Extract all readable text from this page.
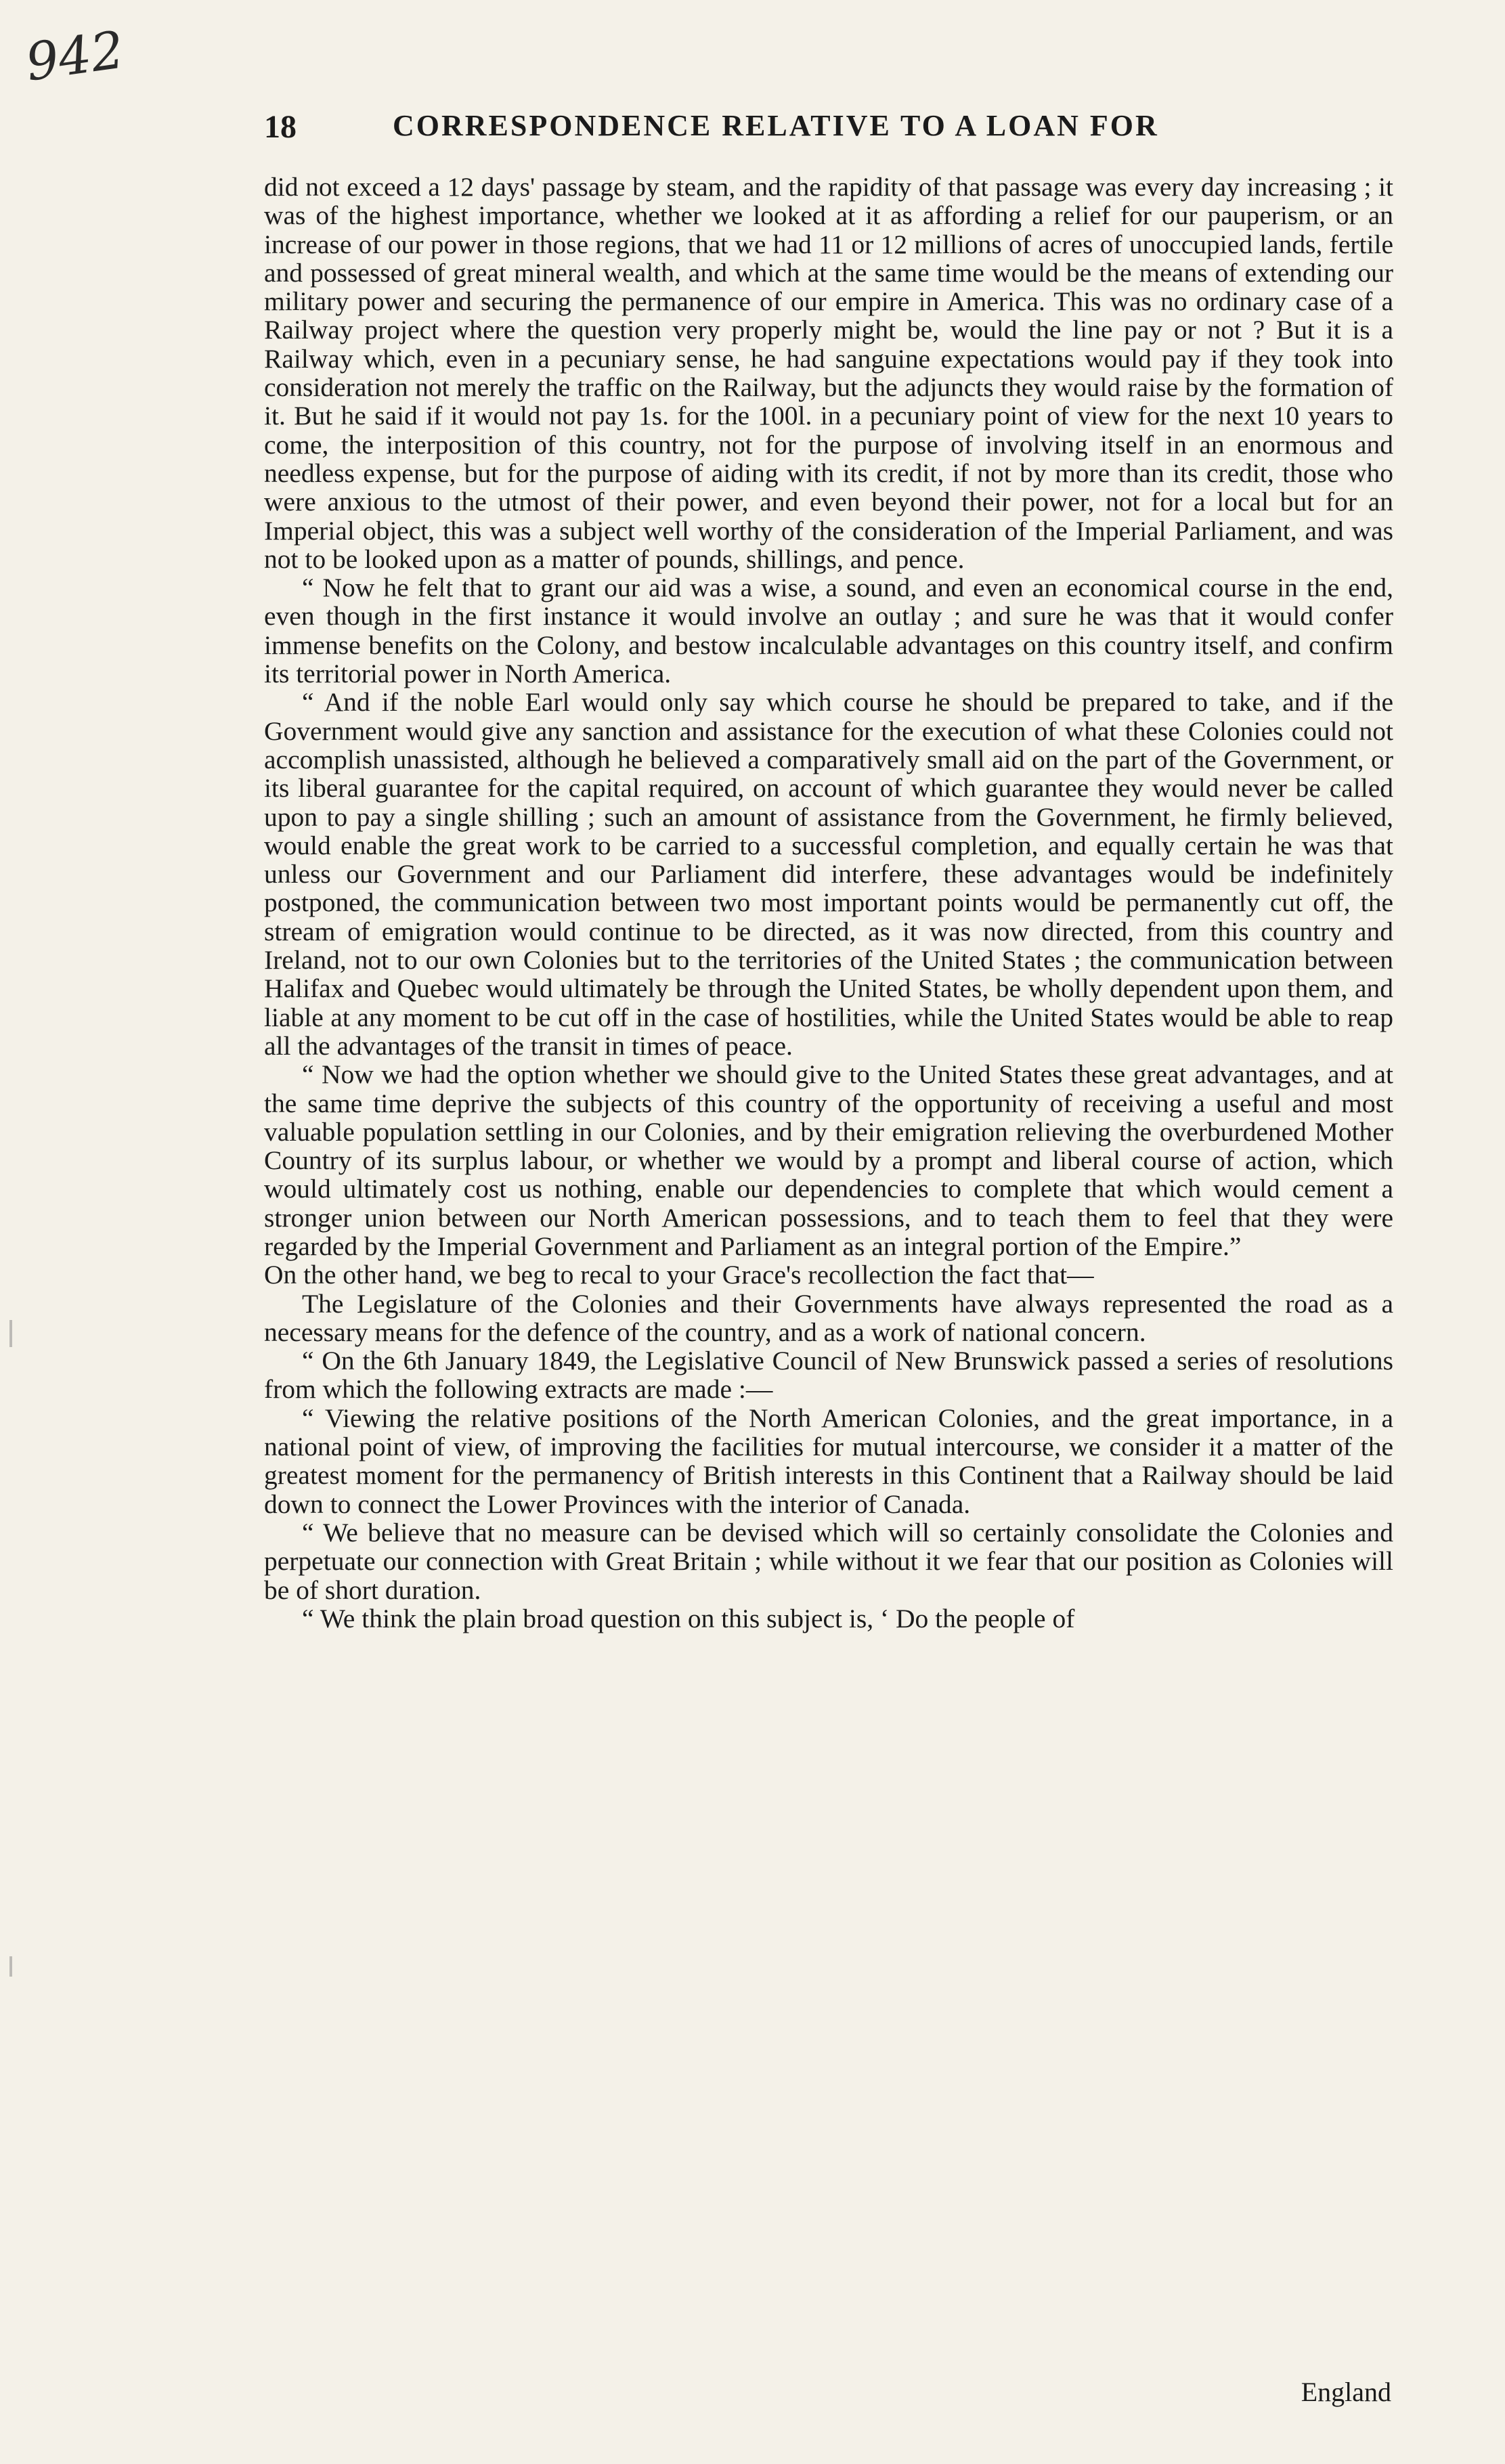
942
18	CORRESPONDENCE RELATIVE TO A LOAN FOR

did not exceed a 12 days' passage by steam, and the rapidity of that passage was every day increasing ; it was of the highest importance, whether we looked at it as affording a relief for our pauperism, or an increase of our power in those regions, that we had 11 or 12 millions of acres of unoccupied lands, fertile and possessed of great mineral wealth, and which at the same time would be the means of extending our military power and securing the permanence of our empire in America. This was no ordinary case of a Railway project where the question very properly might be, would the line pay or not ? But it is a Railway which, even in a pecuniary sense, he had sanguine expectations would pay if they took into consideration not merely the traffic on the Railway, but the adjuncts they would raise by the formation of it. But he said if it would not pay 1s. for the 100l. in a pecuniary point of view for the next 10 years to come, the interposition of this country, not for the purpose of involving itself in an enormous and needless expense, but for the purpose of aiding with its credit, if not by more than its credit, those who were anxious to the utmost of their power, and even beyond their power, not for a local but for an Imperial object, this was a subject well worthy of the consideration of the Imperial Parliament, and was not to be looked upon as a matter of pounds, shillings, and pence.

“ Now he felt that to grant our aid was a wise, a sound, and even an economical course in the end, even though in the first instance it would involve an outlay ; and sure he was that it would confer immense benefits on the Colony, and bestow incalculable advantages on this country itself, and confirm its territorial power in North America.

“ And if the noble Earl would only say which course he should be prepared to take, and if the Government would give any sanction and assistance for the execution of what these Colonies could not accomplish unassisted, although he believed a comparatively small aid on the part of the Government, or its liberal guarantee for the capital required, on account of which guarantee they would never be called upon to pay a single shilling ; such an amount of assistance from the Government, he firmly believed, would enable the great work to be carried to a successful completion, and equally certain he was that unless our Government and our Parliament did interfere, these advantages would be indefinitely postponed, the communication between two most important points would be permanently cut off, the stream of emigration would continue to be directed, as it was now directed, from this country and Ireland, not to our own Colonies but to the territories of the United States ; the communication between Halifax and Quebec would ultimately be through the United States, be wholly dependent upon them, and liable at any moment to be cut off in the case of hostilities, while the United States would be able to reap all the advantages of the transit in times of peace.

“ Now we had the option whether we should give to the United States these great advantages, and at the same time deprive the subjects of this country of the opportunity of receiving a useful and most valuable population settling in our Colonies, and by their emigration relieving the overburdened Mother Country of its surplus labour, or whether we would by a prompt and liberal course of action, which would ultimately cost us nothing, enable our dependencies to complete that which would cement a stronger union between our North American possessions, and to teach them to feel that they were regarded by the Imperial Government and Parliament as an integral portion of the Empire.”

On the other hand, we beg to recal to your Grace's recollection the fact that—

The Legislature of the Colonies and their Governments have always represented the road as a necessary means for the defence of the country, and as a work of national concern.

“ On the 6th January 1849, the Legislative Council of New Brunswick passed a series of resolutions from which the following extracts are made :—

“ Viewing the relative positions of the North American Colonies, and the great importance, in a national point of view, of improving the facilities for mutual intercourse, we consider it a matter of the greatest moment for the permanency of British interests in this Continent that a Railway should be laid down to connect the Lower Provinces with the interior of Canada.

“ We believe that no measure can be devised which will so certainly consolidate the Colonies and perpetuate our connection with Great Britain ; while without it we fear that our position as Colonies will be of short duration.

“ We think the plain broad question on this subject is, ‘ Do the people of

England
